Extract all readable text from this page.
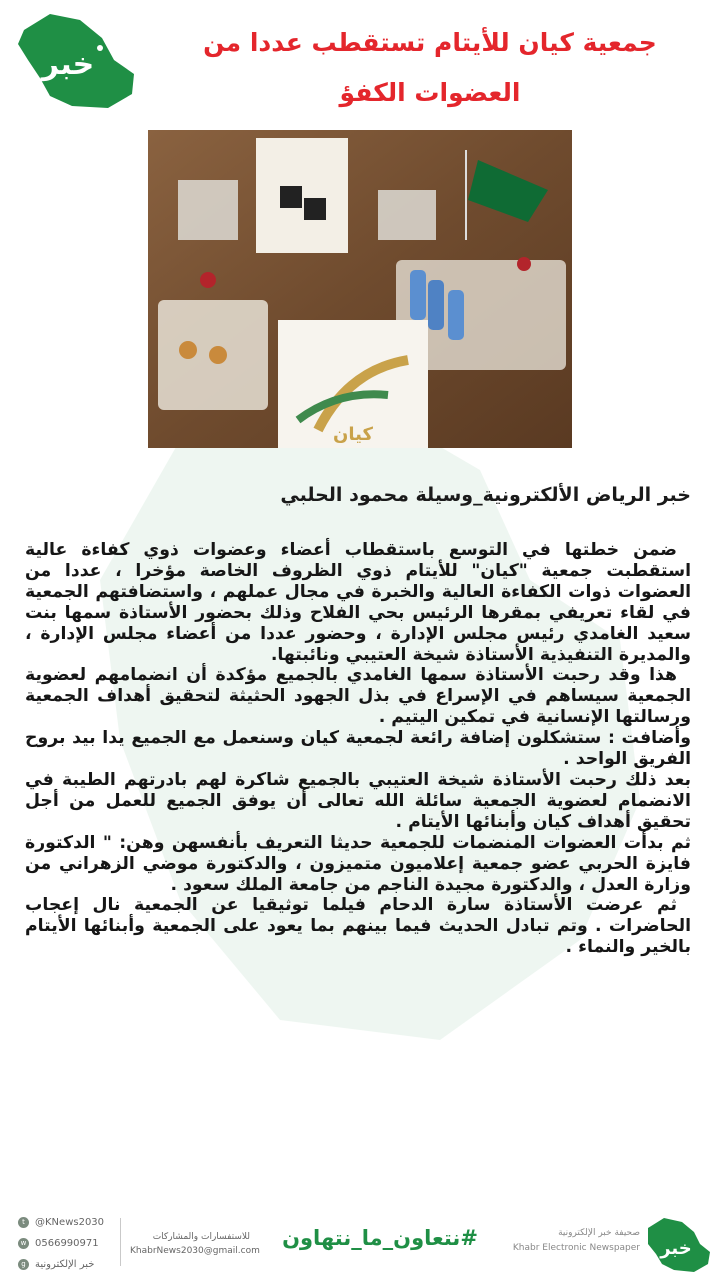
خبر
جمعية كيان للأيتام تستقطب عددا من
العضوات الكفؤ
كيان
خبر الرياض الألكترونية_وسيلة محمود الحلبي

ضمن خطتها في التوسع باستقطاب أعضاء وعضوات ذوي كفاءة عالية استقطبت جمعية "كيان" للأيتام ذوي الظروف الخاصة مؤخرا ، عددا من العضوات ذوات الكفاءة العالية والخبرة في مجال عملهم ، واستضافتهم الجمعية في لقاء تعريفي بمقرها الرئيس بحي الفلاح وذلك بحضور الأستاذة سمها بنت سعيد الغامدي رئيس مجلس الإدارة ، وحضور عددا من أعضاء مجلس الإدارة ، والمديرة التنفيذية الأستاذة شيخة العتيبي ونائبتها.

هذا وقد رحبت الأستاذة سمها الغامدي بالجميع مؤكدة أن انضمامهم لعضوية الجمعية سيساهم في الإسراع في بذل الجهود الحثيثة لتحقيق أهداف الجمعية ورسالتها الإنسانية في تمكين اليتيم .

وأضافت : ستشكلون إضافة رائعة لجمعية كيان وسنعمل مع الجميع يدا بيد بروح الفريق الواحد .

بعد ذلك رحبت الأستاذة شيخة العتيبي بالجميع شاكرة لهم بادرتهم الطيبة في الانضمام لعضوية الجمعية سائلة الله تعالى أن يوفق الجميع للعمل من أجل تحقيق أهداف كيان وأبنائها الأيتام .

ثم بدأت العضوات المنضمات للجمعية حديثا التعريف بأنفسهن وهن: " الدكتورة فايزة الحربي عضو جمعية إعلاميون متميزون ، والدكتورة موضي الزهراني من وزارة العدل ، والدكتورة مجيدة الناجم من جامعة الملك سعود .

ثم عرضت الأستاذة سارة الدحام فيلما توثيقيا عن الجمعية نال إعجاب الحاضرات . وتم تبادل الحديث فيما بينهم بما يعود على الجمعية وأبنائها الأيتام بالخير والنماء .

t	@KNews2030
w 0566990971
g خبر الإلكترونية
للاستفسارات والمشاركات
KhabrNews2030@gmail.com
#نتعاون_ما_نتهاون	صحيفة خبر الإلكترونية
Khabr Electronic Newspaper خبر
